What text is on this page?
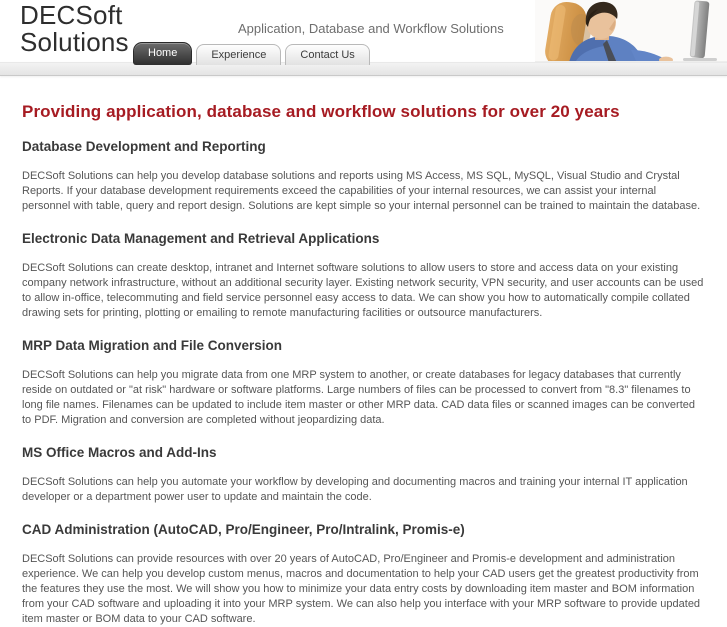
DECSoft
Solutions	Application, Database and Workflow Solutions
Home	Experience	Contact Us
Providing application, database and workflow solutions for over 20 years
Database Development and Reporting

DECSoft Solutions can help you develop database solutions and reports using MS Access, MS SQL, MySQL, Visual Studio and Crystal Reports. If your database development requirements exceed the capabilities of your internal resources, we can assist your internal personnel with table, query and report design. Solutions are kept simple so your internal personnel can be trained to maintain the database.

Electronic Data Management and Retrieval Applications

DECSoft Solutions can create desktop, intranet and Internet software solutions to allow users to store and access data on your existing company network infrastructure, without an additional security layer. Existing network security, VPN security, and user accounts can be used to allow in-office, telecommuting and field service personnel easy access to data. We can show you how to automatically compile collated drawing sets for printing, plotting or emailing to remote manufacturing facilities or outsource manufacturers.

MRP Data Migration and File Conversion

DECSoft Solutions can help you migrate data from one MRP system to another, or create databases for legacy databases that currently reside on outdated or "at risk" hardware or software platforms. Large numbers of files can be processed to convert from "8.3" filenames to long file names. Filenames can be updated to include item master or other MRP data. CAD data files or scanned images can be converted to PDF. Migration and conversion are completed without jeopardizing data.

MS Office Macros and Add-Ins

DECSoft Solutions can help you automate your workflow by developing and documenting macros and training your internal IT application developer or a department power user to update and maintain the code.

CAD Administration (AutoCAD, Pro/Engineer, Pro/Intralink, Promis-e)

DECSoft Solutions can provide resources with over 20 years of AutoCAD, Pro/Engineer and Promis-e development and administration experience. We can help you develop custom menus, macros and documentation to help your CAD users get the greatest productivity from the features they use the most. We will show you how to minimize your data entry costs by downloading item master and BOM information from your CAD software and uploading it into your MRP system. We can also help you interface with your MRP software to provide updated item master or BOM data to your CAD software.
